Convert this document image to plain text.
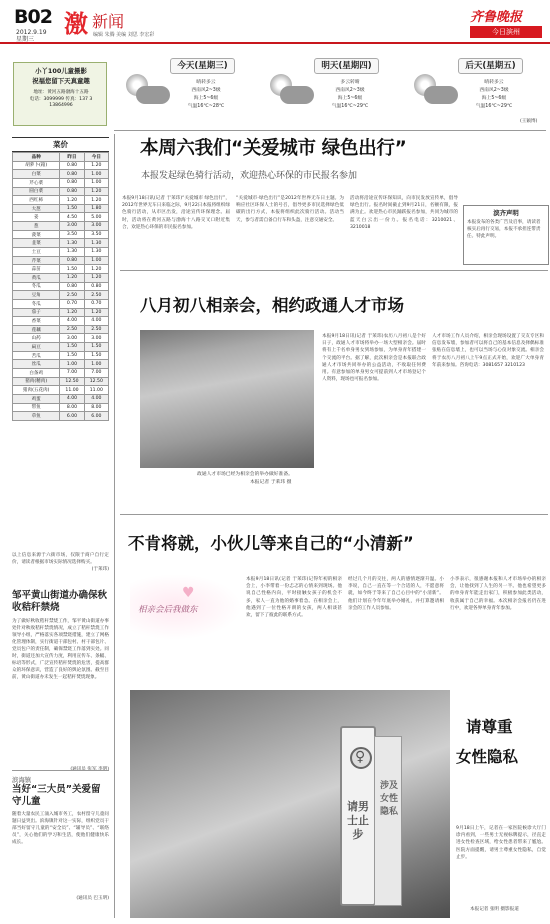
B02
2012.9.19
星期三
激 新闻
编辑 朱腾 美编 刘思 李宏彩
齐鲁晚报
今日滨州
小丫100儿童摄影
祝福您留下天真童趣
地址：黄河五路渤海十五路
电话：3099999 传真：137 3
13864996
今天(星期三)
晴转多云
西南风2~3级
海上5~6级
气温16℃~28℃
明天(星期四)
多云转晴
西南风2~3级
海上5~6级
气温16℃~29℃
后天(星期五)
晴转多云
西南风2~3级
海上5~6级
气温16℃~29℃
(王颖博)
菜价
品种	昨日	今日
胡萝卜(箱)	0.80	1.20
白菜	0.80	1.00
芹心菜	0.80	1.00
圆白菜	0.80	1.20
西红柿	1.20	1.20
大葱	1.50	1.80
姜	4.50	5.00
葱	3.00	3.00
菠菜	3.50	3.50
韭菜	1.30	1.30
土豆	1.30	1.30
芹菜	0.80	1.00
蒜苗	1.50	1.20
黄瓜	1.20	1.20
冬瓜	0.80	0.80
豆角	2.50	2.50
冬瓜	0.70	0.70
茄子	1.20	1.20
香菜	4.00	4.00
莲藕	2.50	2.50
山药	3.00	3.00
扁豆	1.50	1.50
苦瓜	1.50	1.50
丝瓜	1.00	1.00
白条鸡	7.00	7.00
猪肉(精肉)	12.50	12.50
猪肉(五花肉)	11.00	11.00
鸡蛋	4.00	4.00
带鱼	8.00	8.00
草鱼	6.00	6.00
以上信息来源于六街市场，仅限于商户自行定价，请读者根据市场实际情况选择购买。
(于莱玮)
邹平黄山街道办确保秋收秸秆禁烧
为了做好秋收秸秆禁烧工作，邹平黄山街道办事处针对秋收秸秆禁烧情况，成立了秸秆禁烧工作领导小组，严格落实各项禁烧措施，建立了网格化管理体制，实行街道干部包村、村干部包片、党员包户的责任制，确保禁烧工作落到实处。同时，街道还加大宣传力度，利用宣传车、条幅、标语等形式，广泛宣传秸秆焚烧的危害，提高群众的环保意识，营造了良好的舆论氛围。截至目前，黄山街道办未发生一起秸秆焚烧现象。
滨海镇
当好“三大员”关爱留守儿童
随着大量农民工涌入城市务工，农村留守儿童问题日益突出。滨海镇针对这一实际，组织党员干部当好留守儿童的“安全员”、“辅导员”、“联络员”，关心他们的学习和生活，使他们健康快乐成长。
(通讯员 巴玉明)
本周六我们“关爱城市 绿色出行”
本报发起绿色骑行活动，欢迎热心环保的市民报名参加
本报9月18日讯(记者 于莱玮)“关爱城市 绿色出行”，2012年世界无车日来临之际，9月22日本报将组织绿色骑行活动，从市区出发，沿途宣传环保理念。届时，活动将在黄河五路与渤海十八路交叉口附近集合，欢迎热心环保的市民报名参加。
“关爱城市·绿色出行”是2012年世界无车日主题。为响应社区环保人士的号召，倡导更多市民选择绿色低碳的出行方式，本报将组织此次骑行活动。活动当天，参与者需自备自行车和头盔，注意交通安全。
活动将沿途宣传环保知识，向市民发放宣传单，倡导绿色出行。报名时间截止到9月21日，名额有限，报满为止。欢迎热心市民踊跃报名参加，共同为城市的蓝天白云出一份力。报名电话：3210021、3210018
滨齐声明
本报发布的各类广告及启事，请读者核实后再行交易，本报不承担连带责任。特此声明。
八月初八相亲会，相约政通人才市场
政通人才市场已经为相亲会的举办做好准备。
本报记者 于莱玮 摄
本报9月18日讯(记者 于莱玮)农历八月初八是个好日子，政通人才市场将举办一场大型相亲会。届时将有上千名单身男女到场参加，为单身青年搭建一个交流的平台。据了解，此次相亲会是本报联合政通人才市场共同举办的公益活动，不收取任何费用。有意参加的单身男女可提前到人才市场登记个人资料，现场也可报名参加。
人才市场工作人员介绍，相亲会现场设置了交友专区和信息发布墙，参加者可以将自己的基本信息及择偶标准张贴在信息墙上，也可以当场与心仪对象交流。相亲会将于农历八月初八上午9点正式开始，欢迎广大单身青年前来参加。咨询电话：3081657 3210123
不肯将就，小伙儿等来自己的“小清新”
♥
相亲会后我做东
本报9月18日讯(记者 于莱玮)记得年初的相亲会上，小李带着一份忐忑的心情来到现场。他说自己性格内向，平时接触女孩子的机会不多，家人一直为他的婚事着急。在相亲会上，他遇到了一位性格开朗的女孩，两人相谈甚欢，留下了彼此的联系方式。
经过几个月的交往，两人的感情逐渐升温。小李说，自己一直在等一个合适的人，不愿意将就，如今终于等来了自己心目中的“小清新”。他们计划在今年年底举办婚礼，并打算邀请相亲会的工作人员参加。
小李表示，很感谢本报和人才市场举办的相亲会，让他找到了人生的另一半。他也希望更多的单身青年能走出家门，积极参加此类活动，收获属于自己的幸福。本次相亲会报名仍在进行中，欢迎各界单身青年参加。
♀
请男士止步
涉及女性隐私
请尊重
女性隐私
9月18日上午，记者在一家医院候诊大厅门诊内看到，一些男士无视标牌提示，径直走进女性检查区域，给女性患者带来了尴尬。医院方面提醒，请男士尊重女性隐私，自觉止步。
本报记者 张明 摄影报道
